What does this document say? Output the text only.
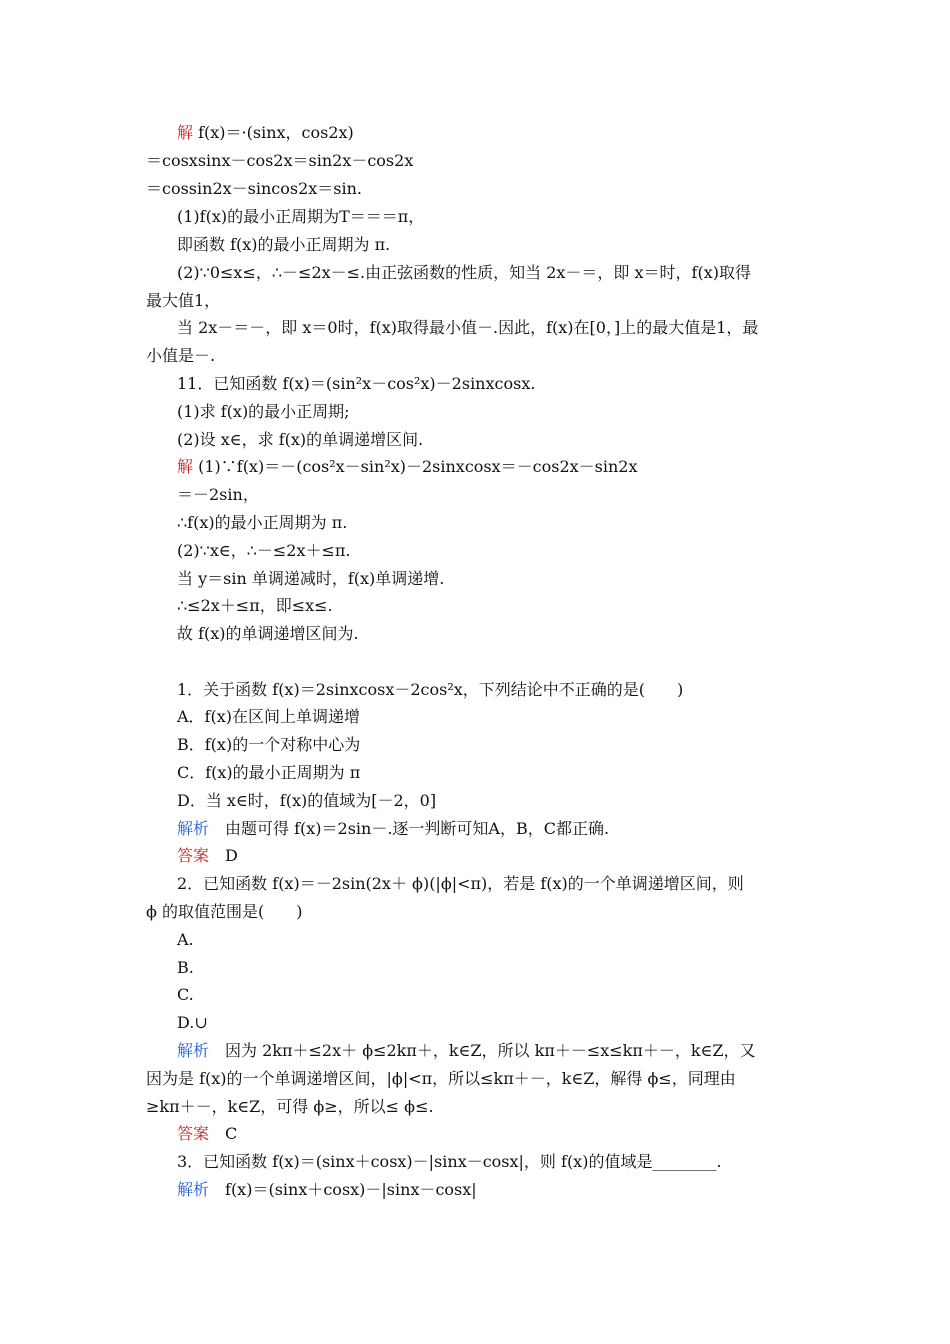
解 f(x)＝·(sinx，cos2x)
＝cosxsinx－cos2x＝sin2x－cos2x
＝cossin2x－sincos2x＝sin.
(1)f(x)的最小正周期为T＝＝＝π，
即函数 f(x)的最小正周期为 π.
(2)∵0≤x≤，∴－≤2x－≤.由正弦函数的性质，知当 2x－＝，即 x＝时，f(x)取得
最大值1，
当 2x－＝－，即 x＝0时，f(x)取得最小值－.因此，f(x)在[0，]上的最大值是1，最
小值是－.
11．已知函数 f(x)＝(sin²x－cos²x)－2sinxcosx.
(1)求 f(x)的最小正周期;
(2)设 x∈，求 f(x)的单调递增区间.
解 (1)∵f(x)＝－(cos²x－sin²x)－2sinxcosx＝－cos2x－sin2x
＝－2sin，
∴f(x)的最小正周期为 π.
(2)∵x∈，∴－≤2x＋≤π.
当 y＝sin 单调递减时，f(x)单调递增.
∴≤2x＋≤π，即≤x≤.
故 f(x)的单调递增区间为.
1．关于函数 f(x)＝2sinxcosx－2cos²x，下列结论中不正确的是(　　)
A．f(x)在区间上单调递增
B．f(x)的一个对称中心为
C．f(x)的最小正周期为 π
D．当 x∈时，f(x)的值域为[－2，0]
解析　由题可得 f(x)＝2sin－.逐一判断可知A，B，C都正确.
答案　D
2．已知函数 f(x)＝－2sin(2x＋ ϕ)(|ϕ|<π)，若是 f(x)的一个单调递增区间，则
ϕ 的取值范围是(　　)
A.
B.
C.
D.∪
解析　因为 2kπ＋≤2x＋ ϕ≤2kπ＋，k∈Z，所以 kπ＋－≤x≤kπ＋－，k∈Z，又
因为是 f(x)的一个单调递增区间，|ϕ|<π，所以≤kπ＋－，k∈Z，解得 ϕ≤，同理由
≥kπ＋－，k∈Z，可得 ϕ≥，所以≤ ϕ≤.
答案　C
3．已知函数 f(x)＝(sinx＋cosx)－|sinx－cosx|，则 f(x)的值域是________.
解析　f(x)＝(sinx＋cosx)－|sinx－cosx|
